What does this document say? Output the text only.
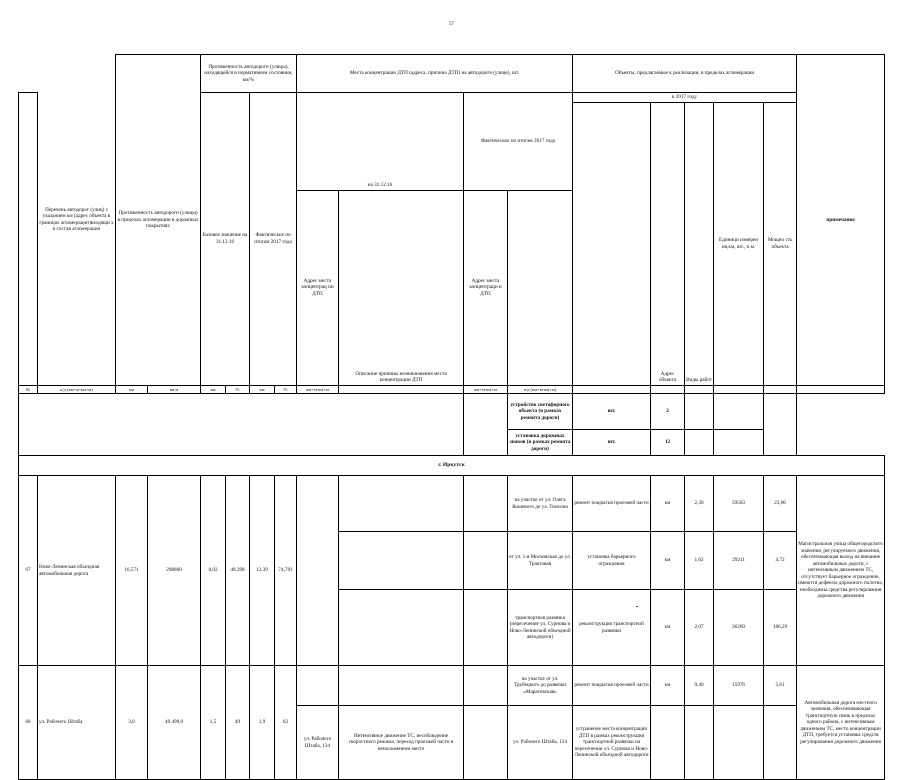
57
	Перечень автодорог (улиц) с указанием км (адрес объекта в границах агломерации)входящи х в состав агломерации	Протяженность автодороги (улицы) в пределах агломерации в дорожных покрытиях		Протяженность автодороги (улицы), находящейся в нормативном состоянии, км/%				Места концентрации ДТП (адреса, причина ДТП) на автодороге (улице), шт.				Объекты, предлагаемые к реализации, в пределах агломерации					примечание	
				Базовое значение на 31.12.16		Фактическое по итогам 2017 года		на 31.12.16		Фактическое по итогам 2017 года		в 2017 году						
													Адрес объекта	Виды работ	Единици измерен ия,км, шт., п.м.	Мощно сть объекта		
								Адрес места концентрац ии ДТП	Описание причины возникновения места концентрации ДТП	Адрес места концентраци и ДТП								
№	а/д (км+м-км+м)	км	кв.м	км	%	км	%	км+м-км+м		км+м-км+м	а/д (км+м-км+м)							
											устройство светофорного объекта (в рамках ремонта дороги)	шт.	2					
											установка дорожных знаков (в рамках ремонта дороги)	шт.	12					
г. Иркутск																		
67	Ново-Ленинская объездная автомобильная дорога	16,571	298800	8,02	48,398	12,39	74,781				на участке от ул. Олега Кошевого до ул. Томсона	ремонт покрытия проезжей части	км	2,30	59503	23,66	Магистральная улица общегородского значения, регулируемого движения, обеспечивающая выход на внешние автомобильные дороги, с интенсивным движением ТС, отсутствует барьерное ограждение, имеются дефекты дорожного полотна, необходимы средства регулирования дорожного движения	
											от ул. 1-я Московская до ул. Трактовая	установка барьерного ограждения	км	1,62	29211	4,72		
											транспортная развязка (пересечение ул. Сурнова и Ново-Ленинской объездной автодороги)	реконструкция транспортной развязки	км	2,07	36260	186,29		
68	ул. Рабочего Штаба	3,0	48 490,0	1,5	49	1,9	62				на участке от ул. Трубецкого до развязки «Маратовская»	ремонт покрытия проезжей части	км	0,40	15976	5,61	Автомобильная дорога местного значения, обеспечивающая транспортную связь в пределах одного района, с интенсивным движением ТС, место концентрации ДТП, требуется установка средств регулирования дорожного движения	
								ул. Рабочего Штаба, 134	Интенсивное движение ТС, несоблюдение скоростного режима, переход проезжей части в неположенном месте		ул. Рабочего Штаба, 134	устранение места концентрации ДТП в рамках реконструкции транспортной развязки на пересечении ул. Сурнова и Ново-Ленинской объездной автодороги						
